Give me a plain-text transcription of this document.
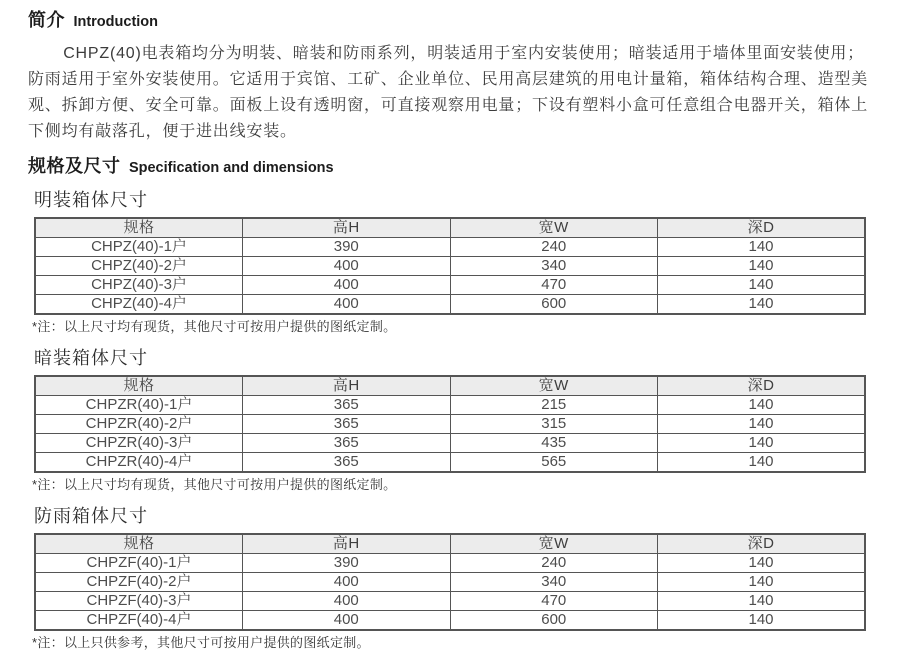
简介 Introduction
CHPZ(40)电表箱均分为明装、暗装和防雨系列，明装适用于室内安装使用；暗装适用于墙体里面安装使用；
防雨适用于室外安装使用。它适用于宾馆、工矿、企业单位、民用高层建筑的用电计量箱，箱体结构合理、造型美
观、拆卸方便、安全可靠。面板上设有透明窗，可直接观察用电量；下设有塑料小盒可任意组合电器开关，箱体上
下侧均有敲落孔，便于进出线安装。
规格及尺寸 Specification and dimensions
明装箱体尺寸
规格	高H	宽W	深D
CHPZ(40)-1户	390	240	140
CHPZ(40)-2户	400	340	140
CHPZ(40)-3户	400	470	140
CHPZ(40)-4户	400	600	140
*注：以上尺寸均有现货，其他尺寸可按用户提供的图纸定制。
暗装箱体尺寸
规格	高H	宽W	深D
CHPZR(40)-1户	365	215	140
CHPZR(40)-2户	365	315	140
CHPZR(40)-3户	365	435	140
CHPZR(40)-4户	365	565	140
*注：以上尺寸均有现货，其他尺寸可按用户提供的图纸定制。
防雨箱体尺寸
规格	高H	宽W	深D
CHPZF(40)-1户	390	240	140
CHPZF(40)-2户	400	340	140
CHPZF(40)-3户	400	470	140
CHPZF(40)-4户	400	600	140
*注：以上只供参考，其他尺寸可按用户提供的图纸定制。
